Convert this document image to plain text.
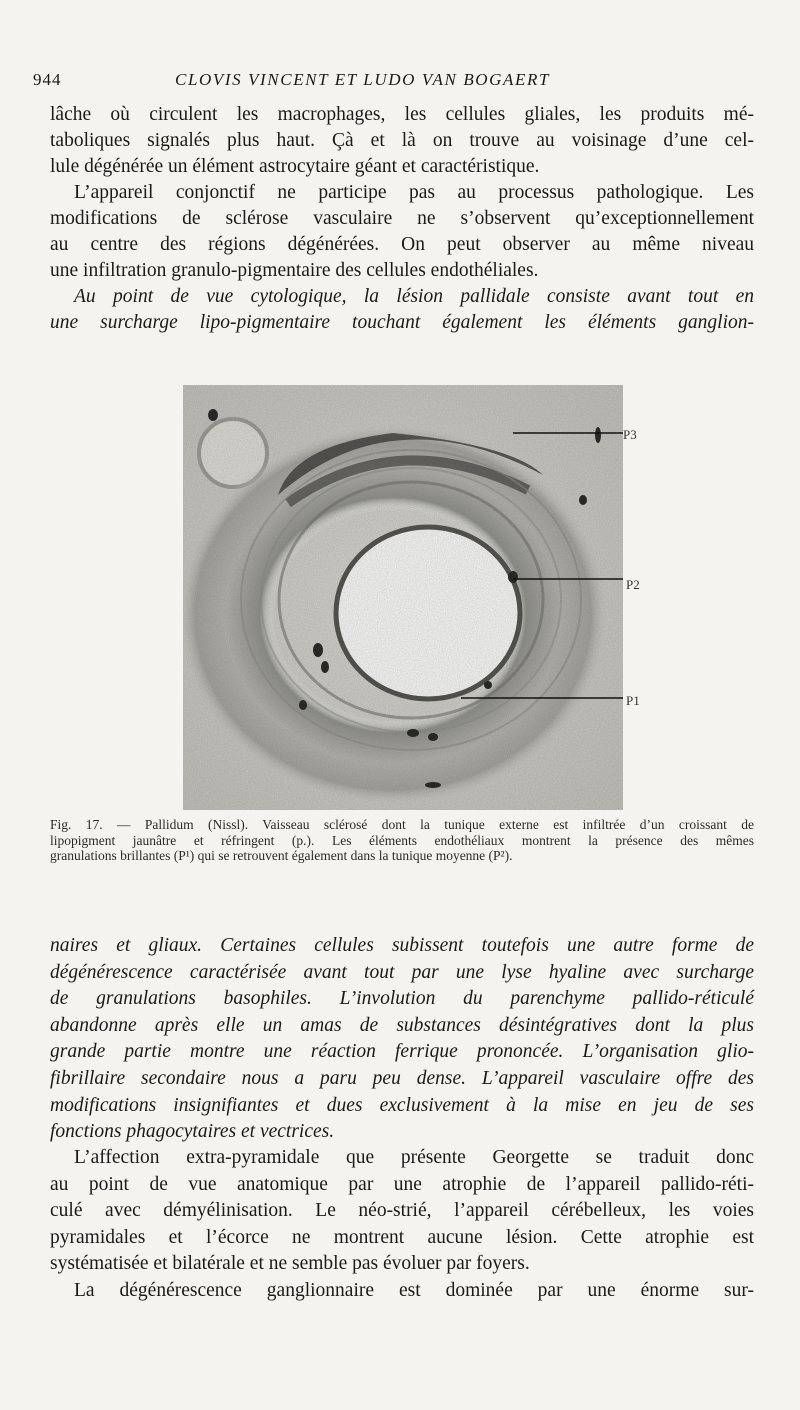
944	CLOVIS VINCENT ET LUDO VAN BOGAERT

lâche où circulent les macrophages, les cellules gliales, les produits mé-
taboliques signalés plus haut. Çà et là on trouve au voisinage d’une cel-
lule dégénérée un élément astrocytaire géant et caractéristique.

L’appareil conjonctif ne participe pas au processus pathologique. Les
modifications de sclérose vasculaire ne s’observent qu’exceptionnellement
au centre des régions dégénérées. On peut observer au même niveau
une infiltration granulo-pigmentaire des cellules endothéliales.

Au point de vue cytologique, la lésion pallidale consiste avant tout en
une surcharge lipo-pigmentaire touchant également les éléments ganglion-

P3
P2
P1
Fig. 17. — Pallidum (Nissl). Vaisseau sclérosé dont la tunique externe est infiltrée d’un croissant de
lipopigment jaunâtre et réfringent (p.). Les éléments endothéliaux montrent la présence des mêmes
granulations brillantes (P¹) qui se retrouvent également dans la tunique moyenne (P²).

naires et gliaux. Certaines cellules subissent toutefois une autre forme de
dégénérescence caractérisée avant tout par une lyse hyaline avec surcharge
de granulations basophiles. L’involution du parenchyme pallido-réticulé
abandonne après elle un amas de substances désintégratives dont la plus
grande partie montre une réaction ferrique prononcée. L’organisation glio-
fibrillaire secondaire nous a paru peu dense. L’appareil vasculaire offre des
modifications insignifiantes et dues exclusivement à la mise en jeu de ses
fonctions phagocytaires et vectrices.

L’affection extra-pyramidale que présente Georgette se traduit donc
au point de vue anatomique par une atrophie de l’appareil pallido-réti-
culé avec démyélinisation. Le néo-strié, l’appareil cérébelleux, les voies
pyramidales et l’écorce ne montrent aucune lésion. Cette atrophie est
systématisée et bilatérale et ne semble pas évoluer par foyers.
La dégénérescence ganglionnaire est dominée par une énorme sur-
